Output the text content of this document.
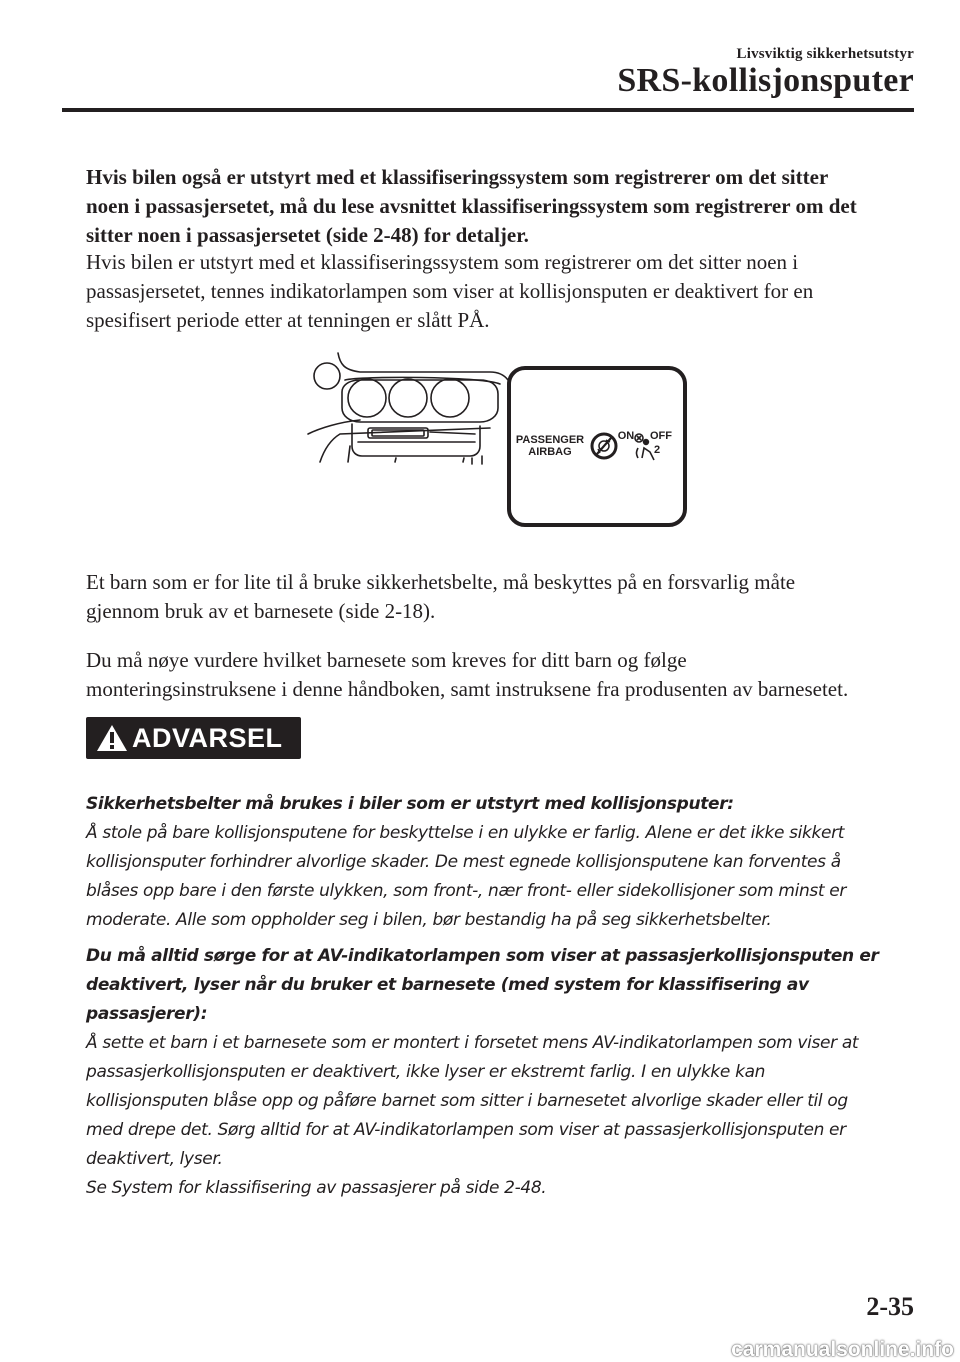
Livsviktig sikkerhetsutstyr
SRS-kollisjonsputer
Hvis bilen også er utstyrt med et klassifiseringssystem som registrerer om det sitter
noen i passasjersetet, må du lese avsnittet klassifiseringssystem som registrerer om det
sitter noen i passasjersetet (side 2-48) for detaljer.
Hvis bilen er utstyrt med et klassifiseringssystem som registrerer om det sitter noen i
passasjersetet, tennes indikatorlampen som viser at kollisjonsputen er deaktivert for en
spesifisert periode etter at tenningen er slått PÅ.
PASSENGER
AIRBAG
ON OFF
2
Et barn som er for lite til å bruke sikkerhetsbelte, må beskyttes på en forsvarlig måte
gjennom bruk av et barnesete (side 2-18).
Du må nøye vurdere hvilket barnesete som kreves for ditt barn og følge
monteringsinstruksene i denne håndboken, samt instruksene fra produsenten av barnesetet.
ADVARSEL
Sikkerhetsbelter må brukes i biler som er utstyrt med kollisjonsputer:
Å stole på bare kollisjonsputene for beskyttelse i en ulykke er farlig. Alene er det ikke sikkert
kollisjonsputer forhindrer alvorlige skader. De mest egnede kollisjonsputene kan forventes å
blåses opp bare i den første ulykken, som front-, nær front- eller sidekollisjoner som minst er
moderate. Alle som oppholder seg i bilen, bør bestandig ha på seg sikkerhetsbelter.
Du må alltid sørge for at AV-indikatorlampen som viser at passasjerkollisjonsputen er
deaktivert, lyser når du bruker et barnesete (med system for klassifisering av passasjerer):
Å sette et barn i et barnesete som er montert i forsetet mens AV-indikatorlampen som viser at
passasjerkollisjonsputen er deaktivert, ikke lyser er ekstremt farlig. I en ulykke kan
kollisjonsputen blåse opp og påføre barnet som sitter i barnesetet alvorlige skader eller til og
med drepe det. Sørg alltid for at AV-indikatorlampen som viser at passasjerkollisjonsputen er
deaktivert, lyser.
Se System for klassifisering av passasjerer på side 2-48.
2-35
carmanualsonline.info
